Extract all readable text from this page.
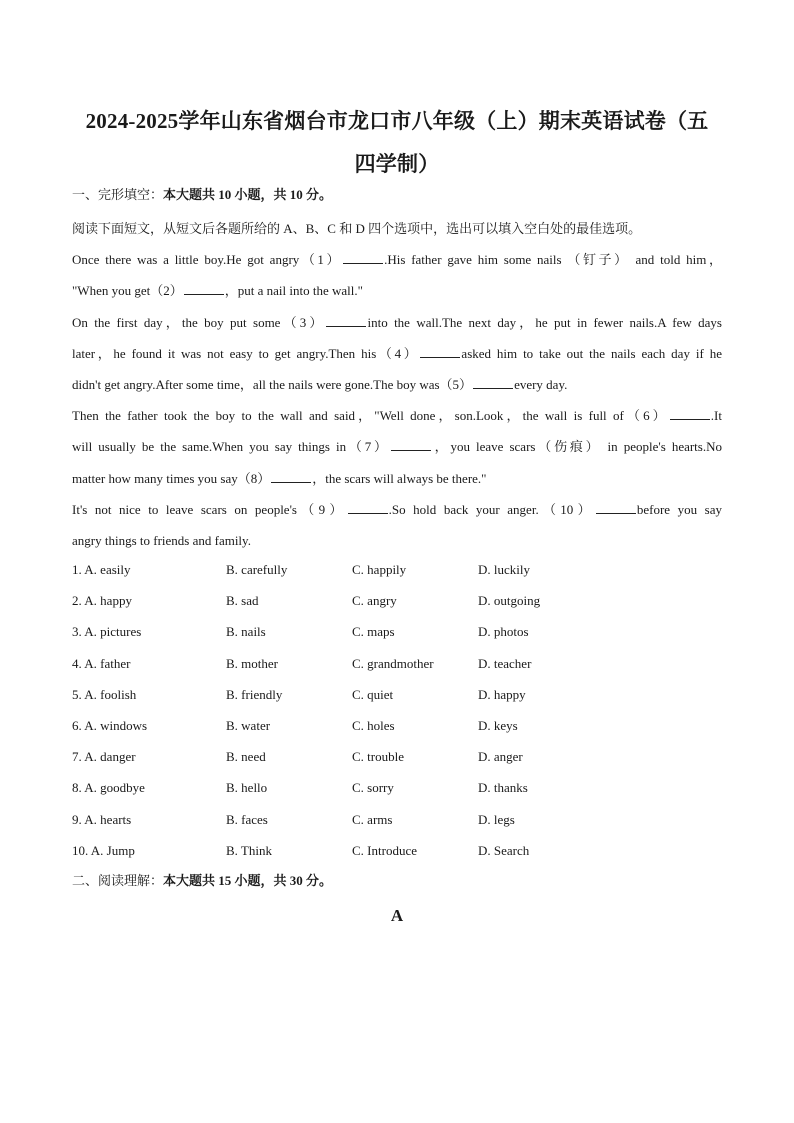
2024-2025学年山东省烟台市龙口市八年级（上）期末英语试卷（五
四学制）
一、完形填空：本大题共 10 小题，共 10 分。

阅读下面短文，从短文后各题所给的 A、B、C 和 D 四个选项中，选出可以填入空白处的最佳选项。

Once there was a little boy.He got angry（1）	.His father gave him some nails （钉子） and told him，

"When you get（2）	，put a nail into the wall."

On the first day，the boy put some（3）	into the wall.The next day，he put in fewer nails.A few days

later，he found it was not easy to get angry.Then his（4）	asked him to take out the nails each day if he

didn't get angry.After some time，all the nails were gone.The boy was（5）	every day.

Then the father took the boy to the wall and said，"Well done，son.Look，the wall is full of（6）	.It

will usually be the same.When you say things in（7）	，you leave scars（伤痕） in people's hearts.No

matter how many times you say（8）	，the scars will always be there."

It's not nice to leave scars on people's（9）	.So hold back your anger.（10）	before you say

angry things to friends and family.

1. A. easily	B. carefully	C. happily	D. luckily
2. A. happy	B. sad	C. angry	D. outgoing
3. A. pictures	B. nails	C. maps	D. photos
4. A. father	B. mother	C. grandmother	D. teacher
5. A. foolish	B. friendly	C. quiet	D. happy
6. A. windows	B. water	C. holes	D. keys
7. A. danger	B. need	C. trouble	D. anger
8. A. goodbye	B. hello	C. sorry	D. thanks
9. A. hearts	B. faces	C. arms	D. legs
10. A. Jump	B. Think	C. Introduce	D. Search
二、阅读理解：本大题共 15 小题，共 30 分。
A
